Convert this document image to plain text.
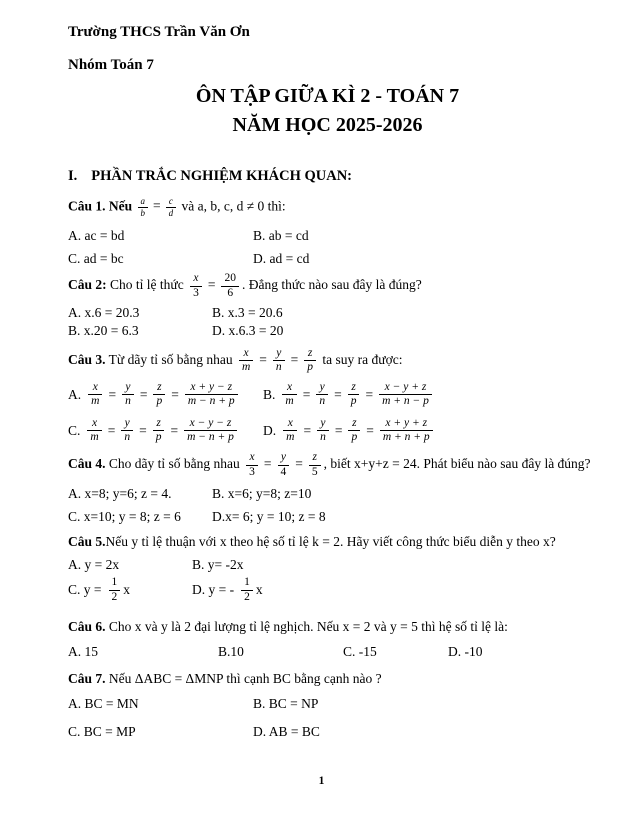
Trường THCS Trần Văn Ơn
Nhóm Toán 7
ÔN TẬP GIỮA KÌ 2 - TOÁN 7
NĂM HỌC 2025-2026
I. PHẦN TRẮC NGHIỆM KHÁCH QUAN:
Câu 1. Nếu $\frac{a}{b} = \frac{c}{d}$ và a, b, c, d ≠ 0 thì:
A. ac = bd	B. ab = cd
C. ad = bc	D. ad = cd
Câu 2: Cho tỉ lệ thức $\frac{x}{3} = \frac{20}{6}$ . Đẳng thức nào sau đây là đúng?
A. x.6 = 20.3	B. x.3 = 20.6
B. x.20 = 6.3	D. x.6.3 = 20
Câu 3. Từ dãy tỉ số bằng nhau $\frac{x}{m} = \frac{y}{n} = \frac{z}{p}$ ta suy ra được:
A. $\frac{x}{m} = \frac{y}{n} = \frac{z}{p} = \frac{x + y - z}{m - n + p} B$. $\frac{x}{m} = \frac{y}{n} = \frac{z}{p} = \frac{x - y + z}{m + n - p}$
C. $\frac{x}{m} = \frac{y}{n} = \frac{z}{p} = \frac{x - y - z}{m - n + p} D$. $\frac{x}{m} = \frac{y}{n} = \frac{z}{p} = \frac{x + y + z}{m + n + p}$
Câu 4. Cho dãy tỉ số bằng nhau $\frac{x}{3} = \frac{y}{4} = \frac{z}{5}$ , biết x+y+z = 24. Phát biểu nào sau đây là đúng?
A. x=8; y=6; z = 4.	B. x=6; y=8; z=10
C. x=10; y = 8; z = 6	D.x= 6; y = 10; z = 8
Câu 5.Nếu y tỉ lệ thuận với x theo hệ số tỉ lệ k = 2. Hãy viết công thức biểu diễn y theo x?
A. y = 2x	B. y= -2x
C. $y = \frac{1}{2}$ x	D. y = - $\frac{1}{2}$ x
Câu 6. Cho x và y là 2 đại lượng tỉ lệ nghịch. Nếu x = 2 và y = 5 thì hệ số tỉ lệ là:
A. 15	B.10	C. -15	D. -10
Câu 7. Nếu ΔABC = ΔMNP thì cạnh BC bằng cạnh nào ?
A. BC = MN	B. BC = NP
C. BC = MP	D. AB = BC
1
